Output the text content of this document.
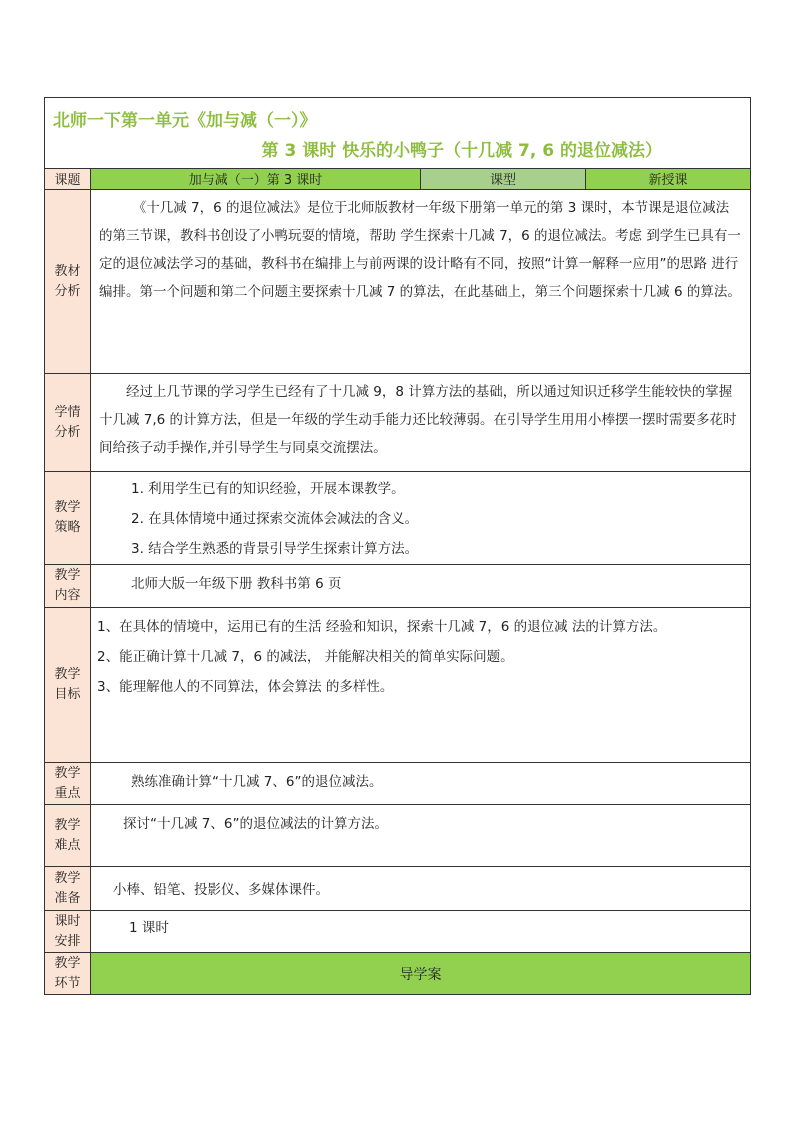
北师一下第一单元《加与减（一）》			

第 3 课时 快乐的小鸭子（十几减 7, 6 的退位减法）			

课题	加与减（一）第 3 课时	课型	新授课
教材分析	《十几减 7，6 的退位减法》是位于北师版教材一年级下册第一单元的第 3 课时，本节课是退位减法的第三节课，教科书创设了小鸭玩耍的情境，帮助 学生探索十几减 7，6 的退位减法。考虑 到学生已具有一定的退位减法学习的基础，教科书在编排上与前两课的设计略有不同，按照“计算一解释一应用”的思路 进行编排。第一个问题和第二个问题主要探索十几减 7 的算法，在此基础上，第三个问题探索十几减 6 的算法。		

学情分析	经过上几节课的学习学生已经有了十几减 9，8 计算方法的基础，所以通过知识迁移学生能较快的掌握十几减 7,6 的计算方法，但是一年级的学生动手能力还比较薄弱。在引导学生用用小棒摆一摆时需要多花时间给孩子动手操作,并引导学生与同桌交流摆法。		

教学策略	1. 利用学生已有的知识经验，开展本课教学。
2. 在具体情境中通过探索交流体会减法的含义。
3. 结合学生熟悉的背景引导学生探索计算方法。		

教学内容	北师大版一年级下册 教科书第 6 页		

教学目标	1、在具体的情境中，运用已有的生活 经验和知识，探索十几减 7，6 的退位减 法的计算方法。
2、能正确计算十几减 7，6 的减法， 并能解决相关的简单实际问题。
3、能理解他人的不同算法，体会算法 的多样性。		

教学重点	熟练准确计算“十几减 7、6”的退位减法。		

教学难点	探讨“十几减 7、6”的退位减法的计算方法。		

教学准备	小棒、铅笔、投影仪、多媒体课件。		

课时安排	1 课时		

教学环节	导学案		
